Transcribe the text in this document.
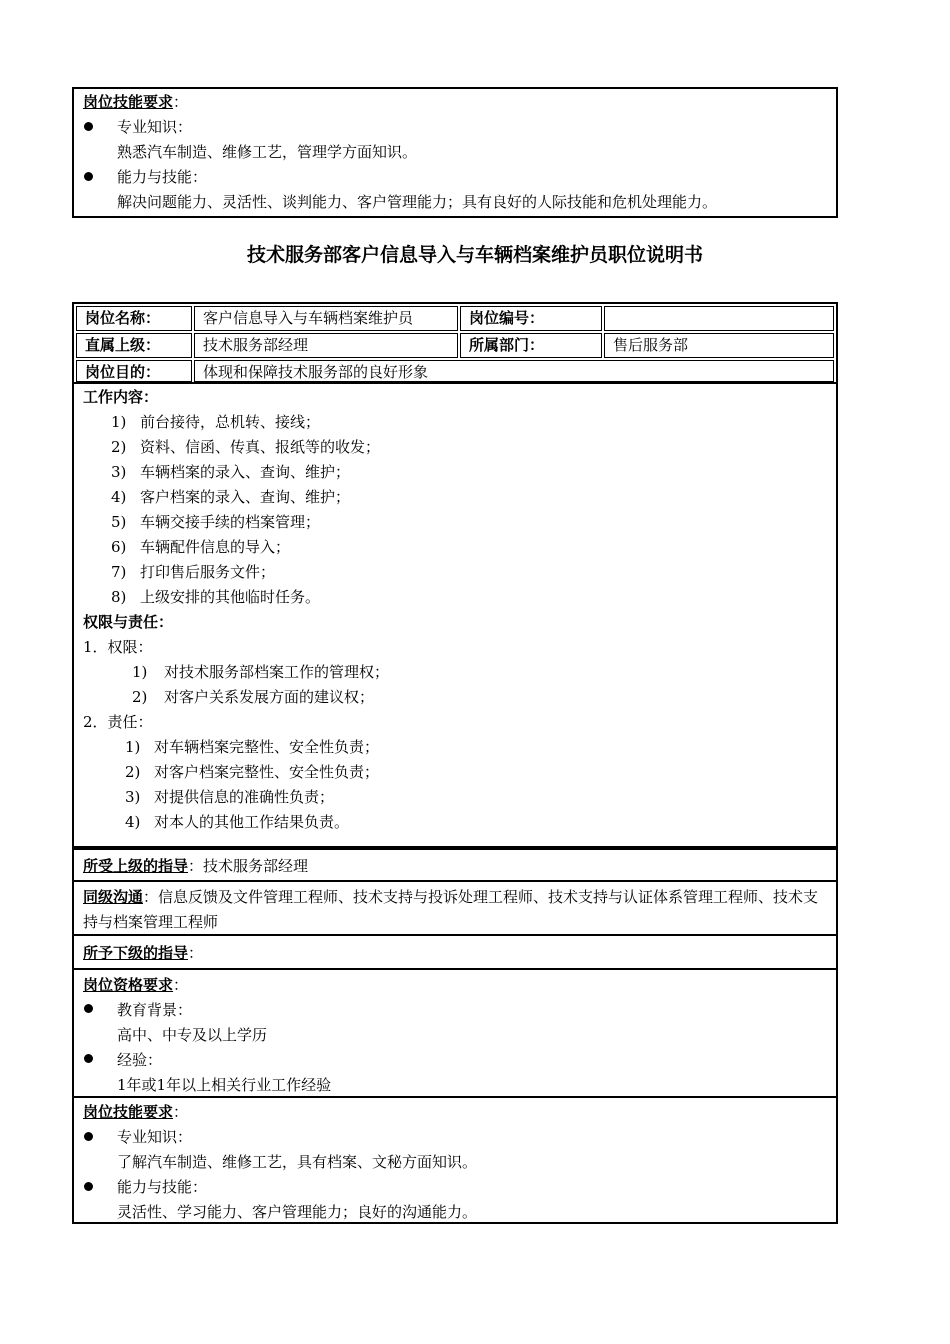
岗位技能要求：
专业知识：
熟悉汽车制造、维修工艺，管理学方面知识。
能力与技能：
解决问题能力、灵活性、谈判能力、客户管理能力；具有良好的人际技能和危机处理能力。
技术服务部客户信息导入与车辆档案维护员职位说明书
岗位名称：	客户信息导入与车辆档案维护员	岗位编号：
直属上级：	技术服务部经理	所属部门：	售后服务部
岗位目的：	体现和保障技术服务部的良好形象
工作内容：
1) 前台接待，总机转、接线；
2) 资料、信函、传真、报纸等的收发；
3) 车辆档案的录入、查询、维护；
4) 客户档案的录入、查询、维护；
5) 车辆交接手续的档案管理；
6) 车辆配件信息的导入；
7) 打印售后服务文件；
8) 上级安排的其他临时任务。
权限与责任：
1．权限：
1) 对技术服务部档案工作的管理权；
2) 对客户关系发展方面的建议权；
2．责任：
1) 对车辆档案完整性、安全性负责；
2) 对客户档案完整性、安全性负责；
3) 对提供信息的准确性负责；
4) 对本人的其他工作结果负责。
所受上级的指导：技术服务部经理
同级沟通：信息反馈及文件管理工程师、技术支持与投诉处理工程师、技术支持与认证体系管理工程师、技术支持与档案管理工程师
所予下级的指导：
岗位资格要求：
教育背景：
高中、中专及以上学历
经验：
1年或1年以上相关行业工作经验
岗位技能要求：
专业知识：
了解汽车制造、维修工艺，具有档案、文秘方面知识。
能力与技能：
灵活性、学习能力、客户管理能力；良好的沟通能力。
